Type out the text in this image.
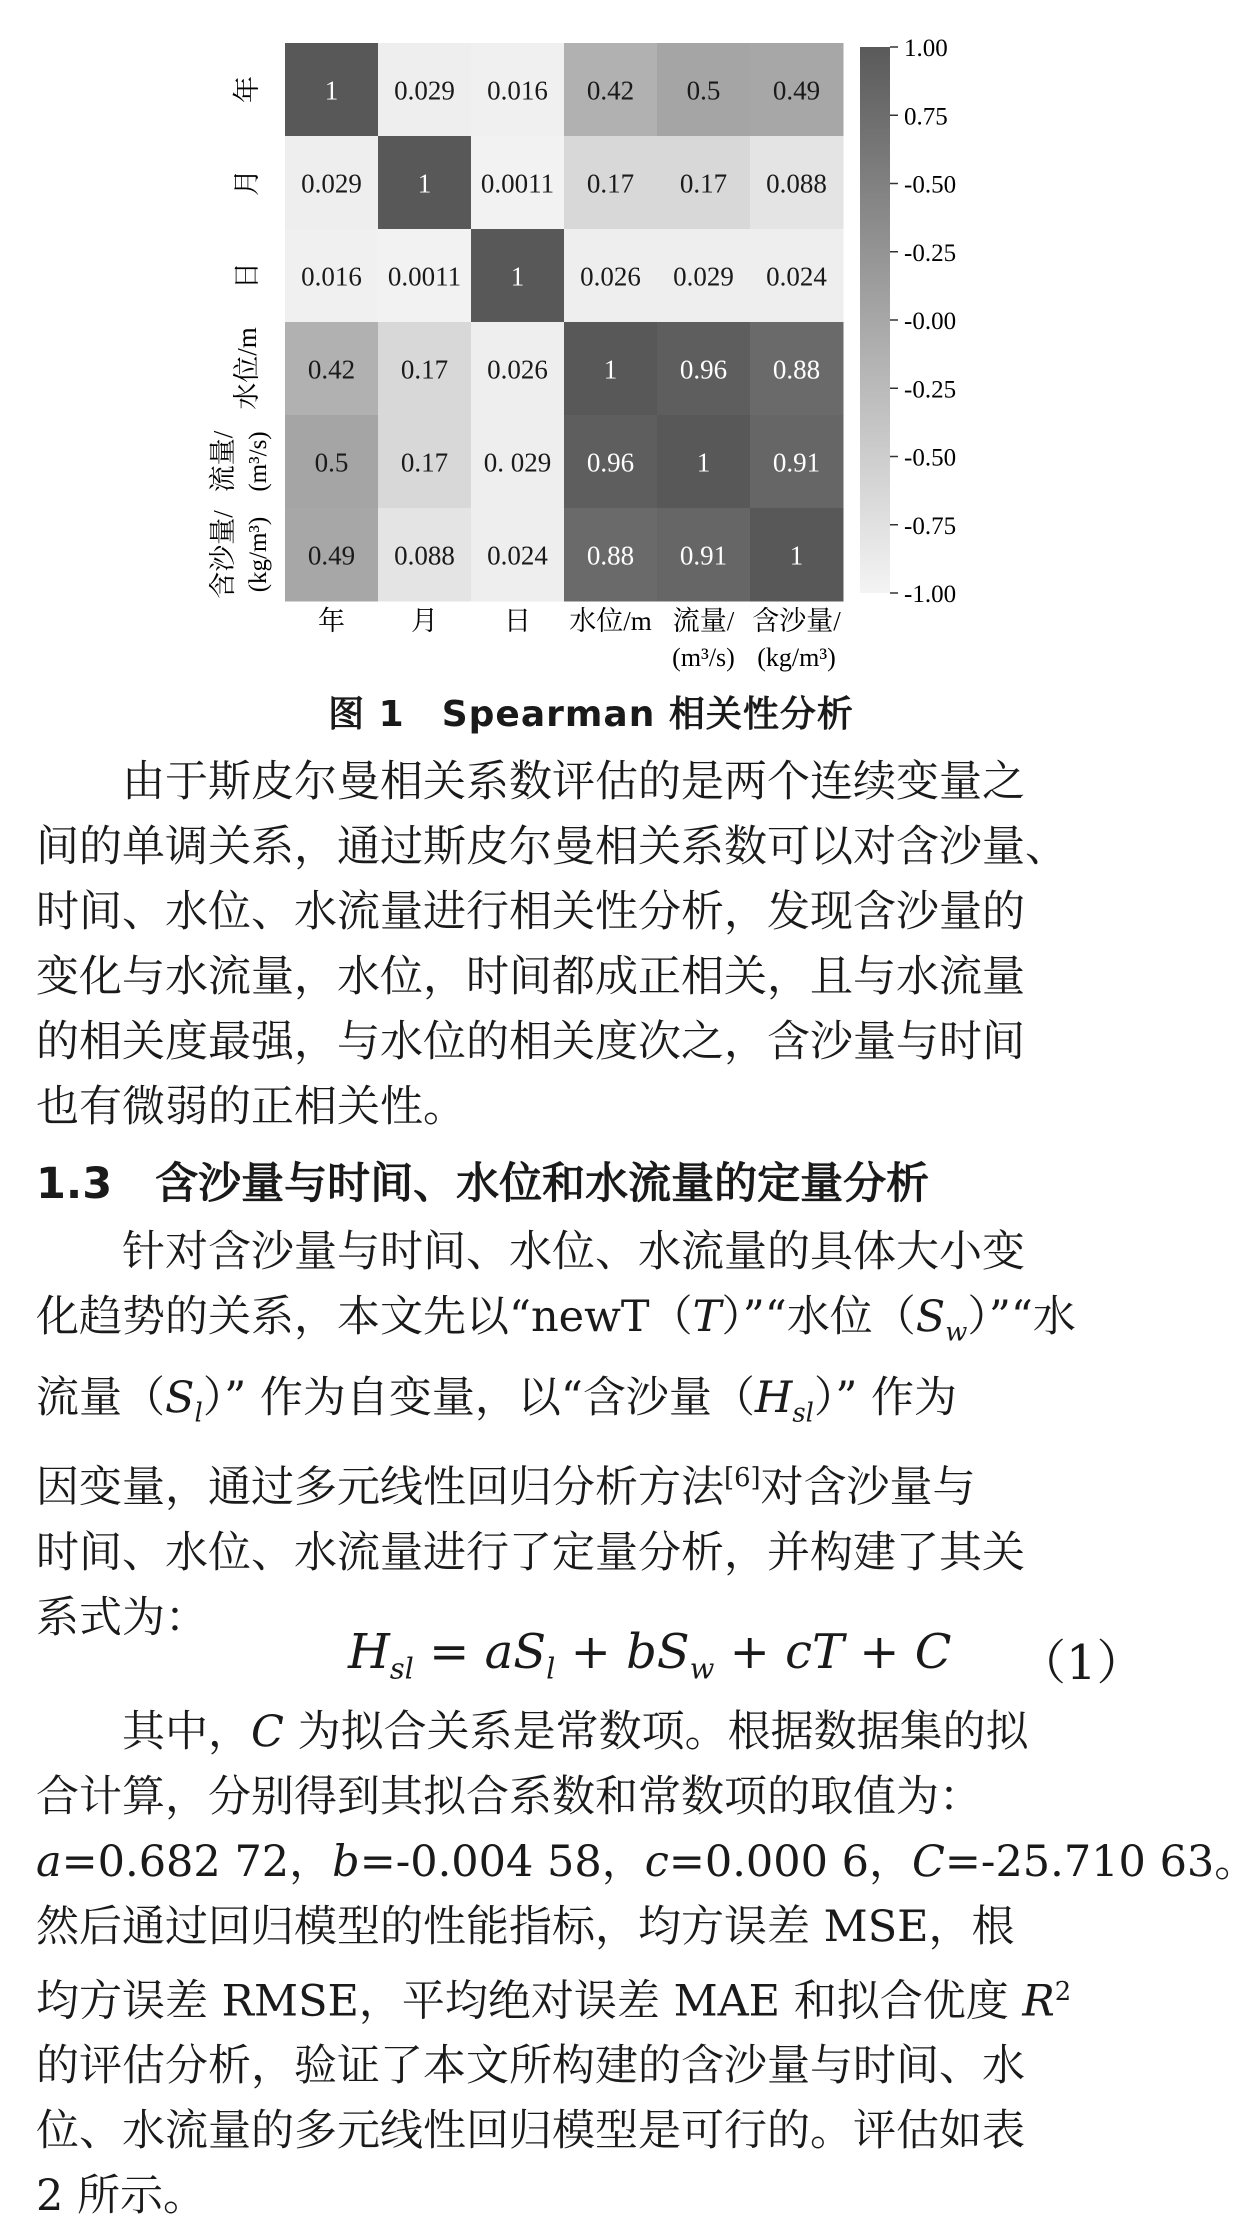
1 0.029 0.016 0.42 0.5 0.49
0.029 1 0.0011 0.17 0.17 0.088
0.016 0.0011 1 0.026 0.029 0.024
0.42 0.17 0.026 1 0.96 0.88
0.5 0.17 0. 029 0.96 1 0.91
0.49 0.088 0.024 0.88 0.91 1
年
月
日
水位/m
流量/ (m³/s)
含沙量/ (kg/m³)
年 月 日 水位/m 流量/
(m³/s)
含沙量/
(kg/m³)
1.00
0.75
-0.50
-0.25
-0.00
-0.25
-0.50
-0.75
-1.00
图 1　Spearman 相关性分析
由于斯皮尔曼相关系数评估的是两个连续变量之
间的单调关系，通过斯皮尔曼相关系数可以对含沙量、
时间、水位、水流量进行相关性分析，发现含沙量的
变化与水流量，水位，时间都成正相关，且与水流量
的相关度最强，与水位的相关度次之，含沙量与时间
也有微弱的正相关性。
1.3　含沙量与时间、水位和水流量的定量分析
针对含沙量与时间、水位、水流量的具体大小变
化趋势的关系，本文先以“newT（T）”“水位$(S_w)”“$水
流量$(S_l)$” 作为自变量，以“含沙量$(H_{sl})$” 作为
因变量，通过多元线性回归分析方法[6]对含沙量与
时间、水位、水流量进行了定量分析，并构建了其关
系式为：
$H_{sl} = aS_l + bS_w$ + cT + C （1）
其中，C 为拟合关系是常数项。根据数据集的拟
合计算，分别得到其拟合系数和常数项的取值为：
a=0.682 72，b=-0.004 58，c=0.000 6，C=-25.710 63。
然后通过回归模型的性能指标，均方误差 MSE，根
均方误差 RMSE，平均绝对误差 MAE 和拟合优度 $R^2$
的评估分析，验证了本文所构建的含沙量与时间、水
位、水流量的多元线性回归模型是可行的。评估如表
2 所示。
